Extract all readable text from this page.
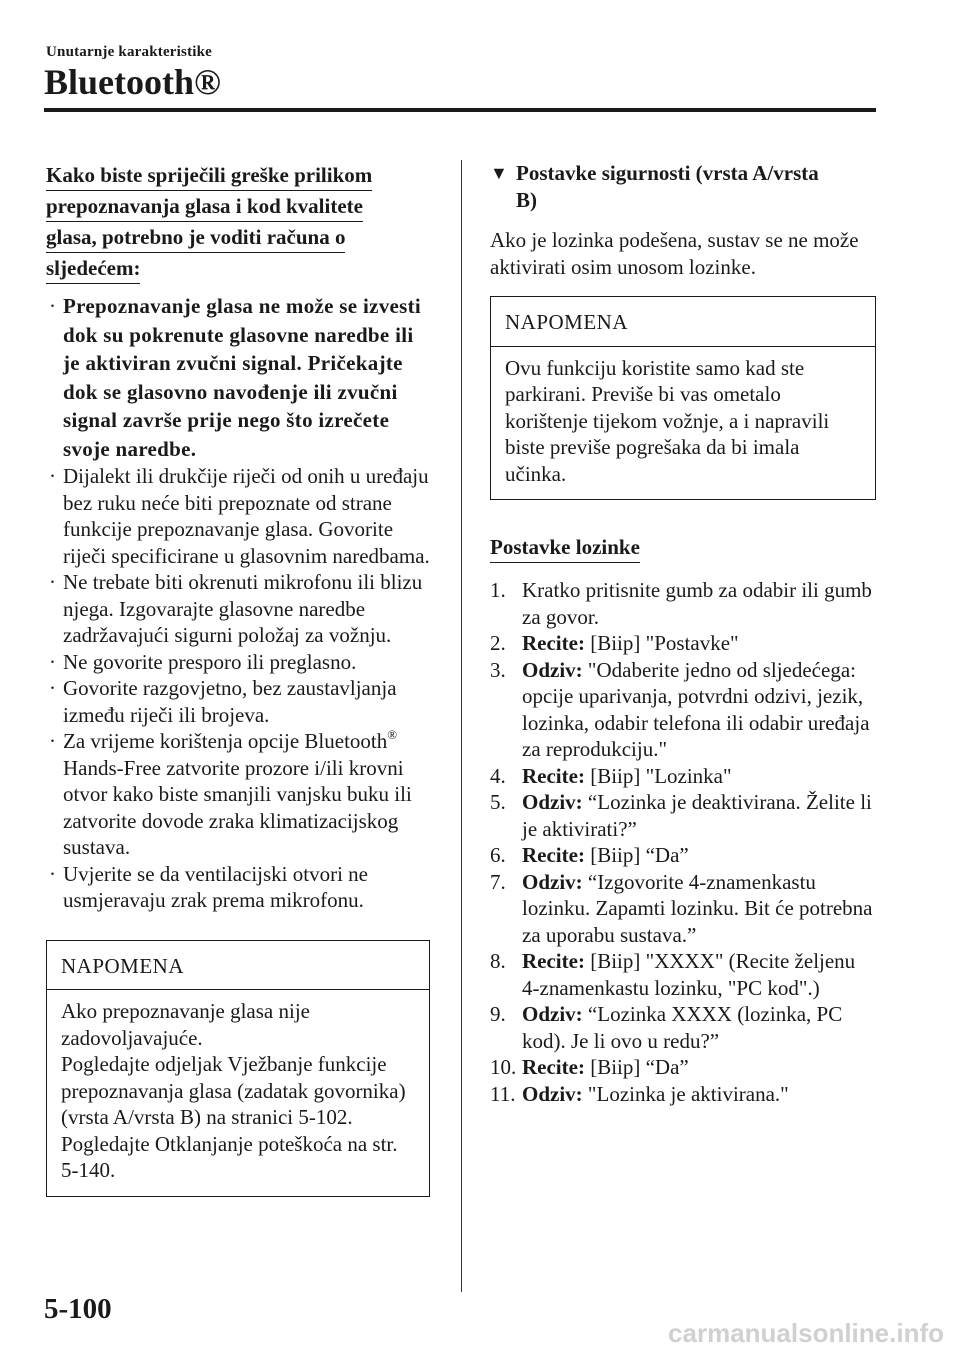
Unutarnje karakteristike
Bluetooth®
Kako biste spriječili greške prilikom
prepoznavanja glasa i kod kvalitete
glasa, potrebno je voditi računa o
sljedećem:
· Prepoznavanje glasa ne može se izvesti dok su pokrenute glasovne naredbe ili je aktiviran zvučni signal. Pričekajte dok se glasovno navođenje ili zvučni signal završe prije nego što izrečete svoje naredbe.
· Dijalekt ili drukčije riječi od onih u uređaju bez ruku neće biti prepoznate od strane funkcije prepoznavanje glasa. Govorite riječi specificirane u glasovnim naredbama.
· Ne trebate biti okrenuti mikrofonu ili blizu njega. Izgovarajte glasovne naredbe zadržavajući sigurni položaj za vožnju.
· Ne govorite presporo ili preglasno.
· Govorite razgovjetno, bez zaustavljanja između riječi ili brojeva.
· Za vrijeme korištenja opcije Bluetooth® Hands-Free zatvorite prozore i/ili krovni otvor kako biste smanjili vanjsku buku ili zatvorite dovode zraka klimatizacijskog sustava.
· Uvjerite se da ventilacijski otvori ne usmjeravaju zrak prema mikrofonu.
NAPOMENA
Ako prepoznavanje glasa nije zadovoljavajuće.
Pogledajte odjeljak Vježbanje funkcije prepoznavanja glasa (zadatak govornika) (vrsta A/vrsta B) na stranici 5-102.
Pogledajte Otklanjanje poteškoća na str. 5-140.
▼ Postavke sigurnosti (vrsta A/vrsta
B)
Ako je lozinka podešena, sustav se ne može aktivirati osim unosom lozinke.
NAPOMENA
Ovu funkciju koristite samo kad ste parkirani. Previše bi vas ometalo korištenje tijekom vožnje, a i napravili biste previše pogrešaka da bi imala učinka.
Postavke lozinke
1. Kratko pritisnite gumb za odabir ili gumb za govor.
2. Recite: [Biip] "Postavke"
3. Odziv: "Odaberite jedno od sljedećega: opcije uparivanja, potvrdni odzivi, jezik, lozinka, odabir telefona ili odabir uređaja za reprodukciju."
4. Recite: [Biip] "Lozinka"
5. Odziv: “Lozinka je deaktivirana. Želite li je aktivirati?”
6. Recite: [Biip] “Da”
7. Odziv: “Izgovorite 4-znamenkastu lozinku. Zapamti lozinku. Bit će potrebna za uporabu sustava.”
8. Recite: [Biip] "XXXX" (Recite željenu 4-znamenkastu lozinku, "PC kod".)
9. Odziv: “Lozinka XXXX (lozinka, PC kod). Je li ovo u redu?”
10. Recite: [Biip] “Da”
11. Odziv: "Lozinka je aktivirana."
5-100
carmanualsonline.info
